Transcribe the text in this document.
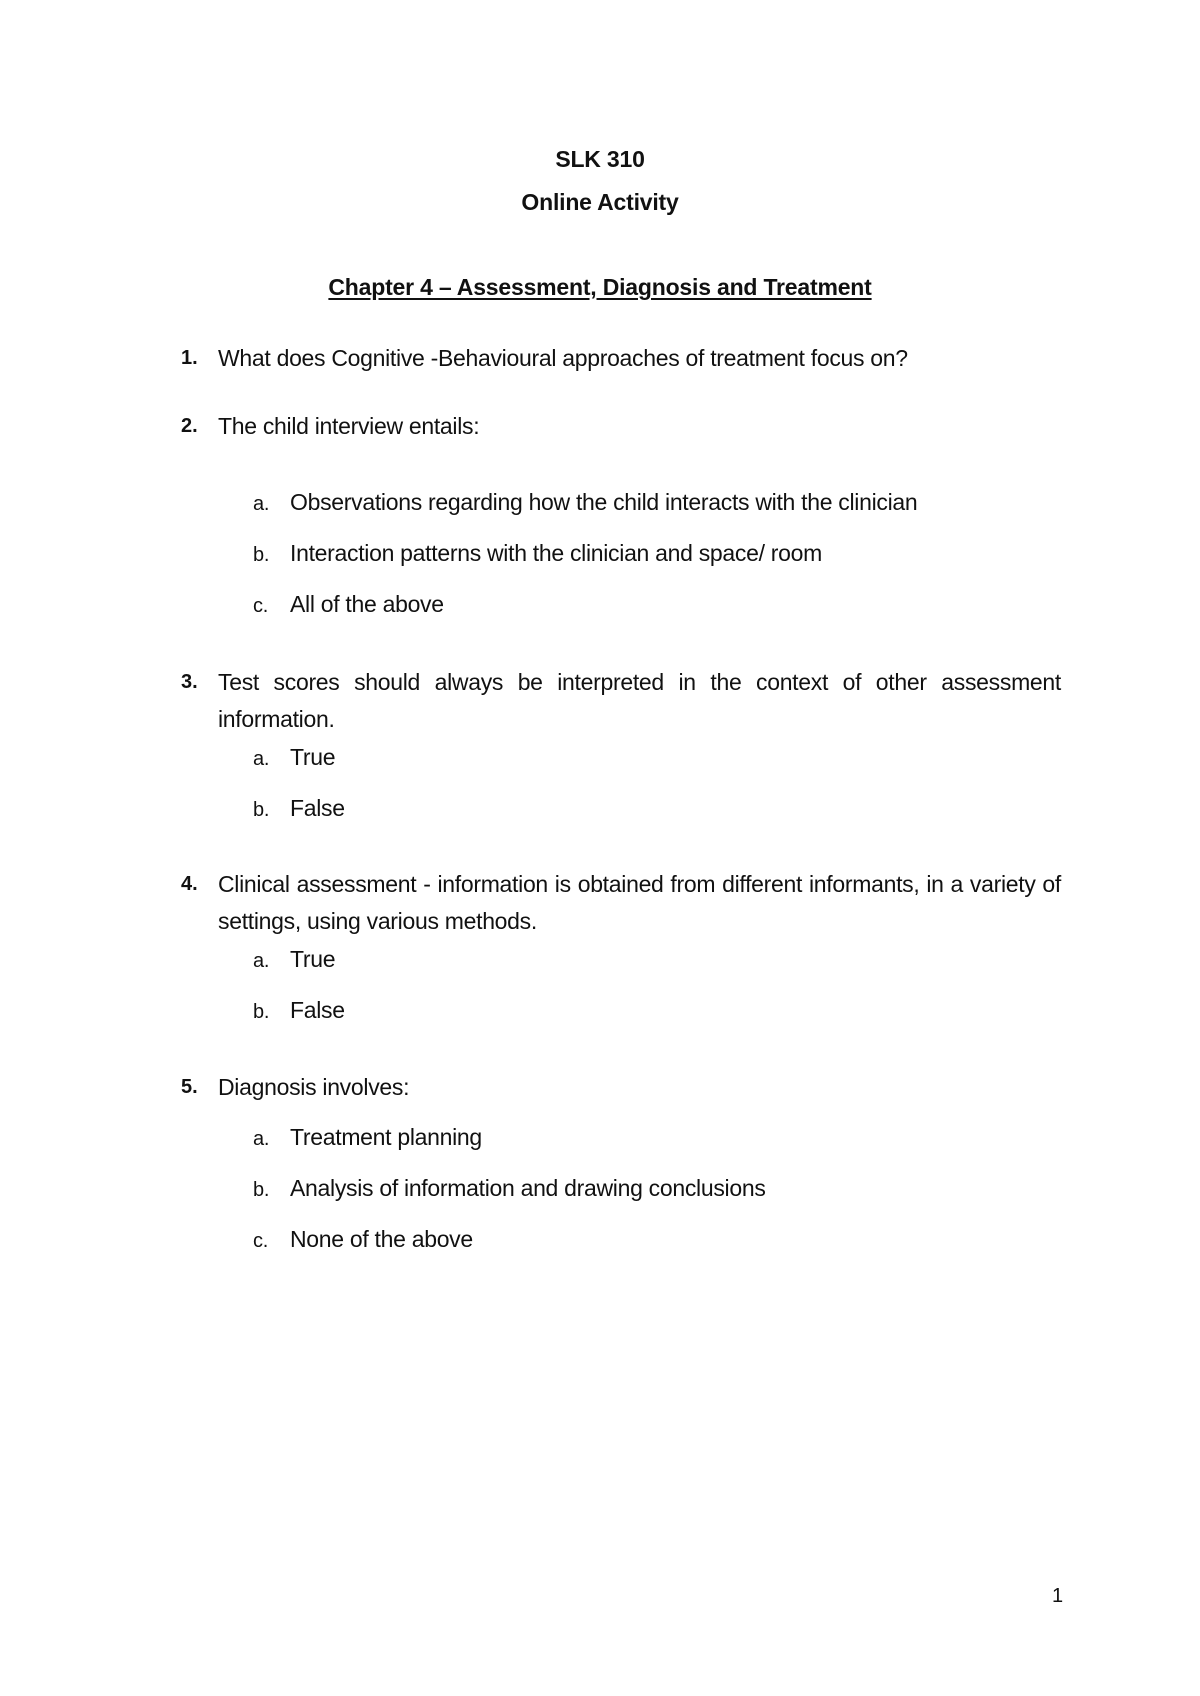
SLK 310
Online Activity
Chapter 4 – Assessment, Diagnosis and Treatment
1. What does Cognitive -Behavioural approaches of treatment focus on?
2. The child interview entails:
a. Observations regarding how the child interacts with the clinician
b. Interaction patterns with the clinician and space/ room
c. All of the above
3. Test scores should always be interpreted in the context of other assessment information.
a. True
b. False
4. Clinical assessment - information is obtained from different informants, in a variety of settings, using various methods.
a. True
b. False
5. Diagnosis involves:
a. Treatment planning
b. Analysis of information and drawing conclusions
c. None of the above
1
